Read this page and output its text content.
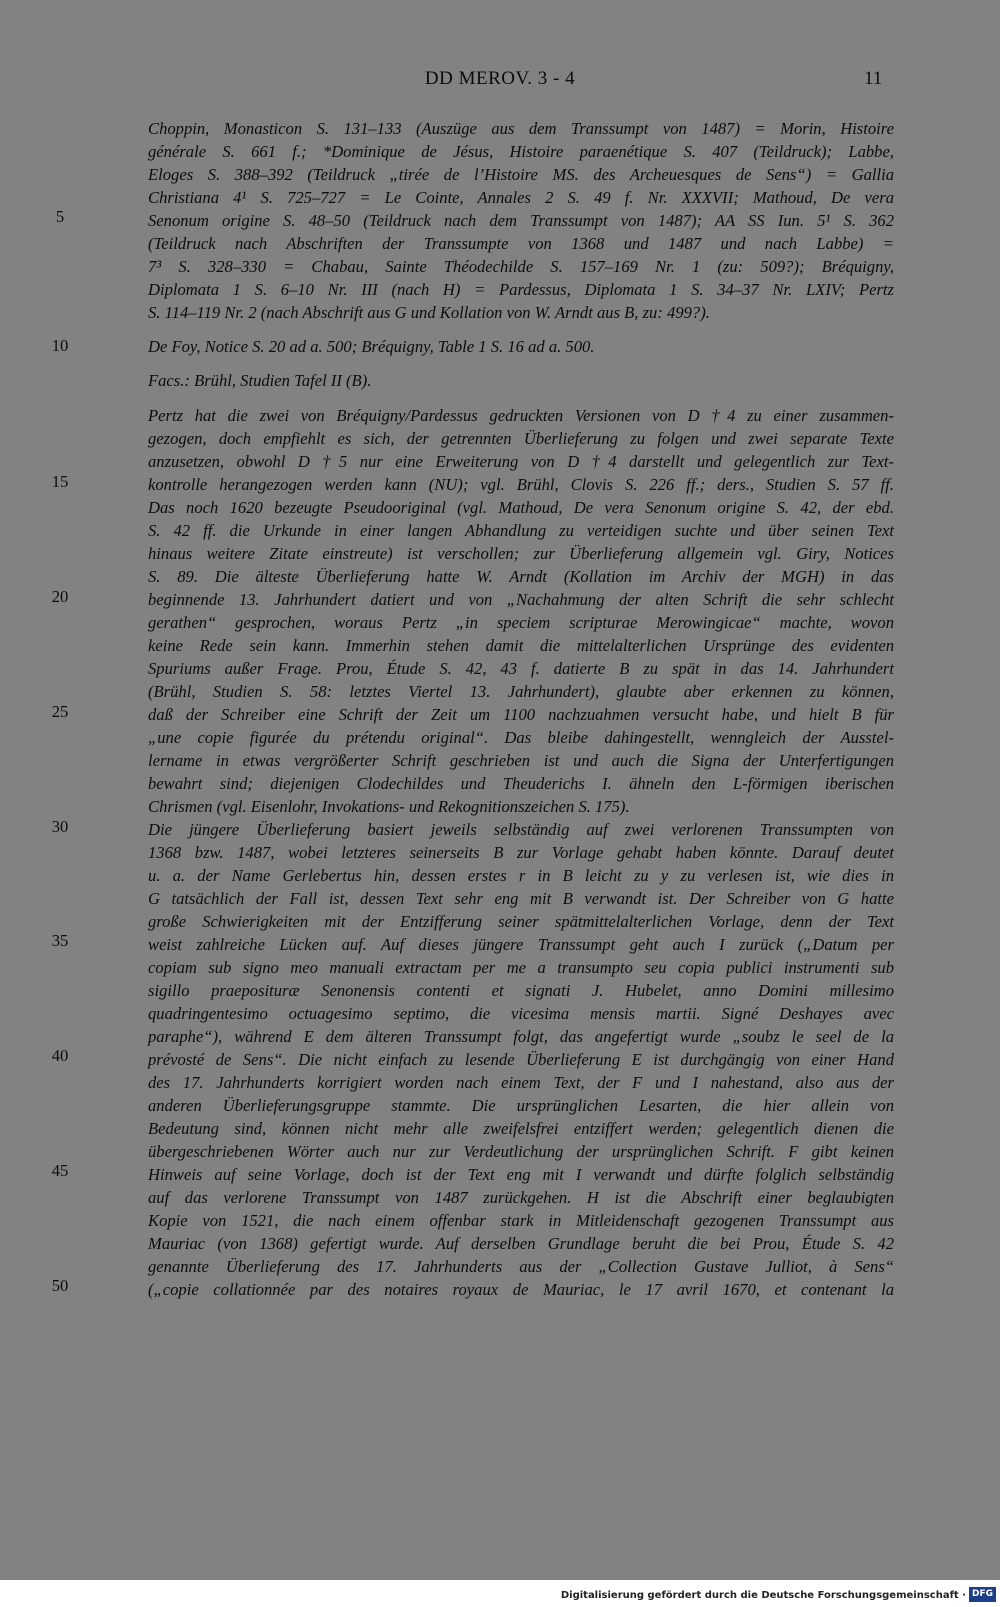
DD MEROV. 3 - 4	11
5
10
15
20
25
30
35
40
45
50
Choppin, Monasticon S. 131–133 (Auszüge aus dem Transsumpt von 1487) = Morin, Histoire
générale S. 661 f.; *Dominique de Jésus, Histoire paraenétique S. 407 (Teildruck); Labbe,
Eloges S. 388–392 (Teildruck „tirée de l’Histoire MS. des Archeuesques de Sens“) = Gallia
Christiana 4¹ S. 725–727 = Le Cointe, Annales 2 S. 49 f. Nr. XXXVII; Mathoud, De vera
Senonum origine S. 48–50 (Teildruck nach dem Transsumpt von 1487); AA SS Iun. 5¹ S. 362
(Teildruck nach Abschriften der Transsumpte von 1368 und 1487 und nach Labbe) =
7³ S. 328–330 = Chabau, Sainte Théodechilde S. 157–169 Nr. 1 (zu: 509?); Bréquigny,
Diplomata 1 S. 6–10 Nr. III (nach H) = Pardessus, Diplomata 1 S. 34–37 Nr. LXIV; Pertz
S. 114–119 Nr. 2 (nach Abschrift aus G und Kollation von W. Arndt aus B, zu: 499?).
De Foy, Notice S. 20 ad a. 500; Bréquigny, Table 1 S. 16 ad a. 500.
Facs.: Brühl, Studien Tafel II (B).
Pertz hat die zwei von Bréquigny/Pardessus gedruckten Versionen von D †4 zu einer zusammen-
gezogen, doch empfiehlt es sich, der getrennten Überlieferung zu folgen und zwei separate Texte
anzusetzen, obwohl D †5 nur eine Erweiterung von D †4 darstellt und gelegentlich zur Text-
kontrolle herangezogen werden kann (NU); vgl. Brühl, Clovis S. 226 ff.; ders., Studien S. 57 ff.
Das noch 1620 bezeugte Pseudooriginal (vgl. Mathoud, De vera Senonum origine S. 42, der ebd.
S. 42 ff. die Urkunde in einer langen Abhandlung zu verteidigen suchte und über seinen Text
hinaus weitere Zitate einstreute) ist verschollen; zur Überlieferung allgemein vgl. Giry, Notices
S. 89. Die älteste Überlieferung hatte W. Arndt (Kollation im Archiv der MGH) in das
beginnende 13. Jahrhundert datiert und von „Nachahmung der alten Schrift die sehr schlecht
gerathen“ gesprochen, woraus Pertz „in speciem scripturae Merowingicae“ machte, wovon
keine Rede sein kann. Immerhin stehen damit die mittelalterlichen Ursprünge des evidenten
Spuriums außer Frage. Prou, Étude S. 42, 43 f. datierte B zu spät in das 14. Jahrhundert
(Brühl, Studien S. 58: letztes Viertel 13. Jahrhundert), glaubte aber erkennen zu können,
daß der Schreiber eine Schrift der Zeit um 1100 nachzuahmen versucht habe, und hielt B für
„une copie figurée du prétendu original“. Das bleibe dahingestellt, wenngleich der Ausstel-
lername in etwas vergrößerter Schrift geschrieben ist und auch die Signa der Unterfertigungen
bewahrt sind; diejenigen Clodechildes und Theuderichs I. ähneln den L-förmigen iberischen
Chrismen (vgl. Eisenlohr, Invokations- und Rekognitionszeichen S. 175).
Die jüngere Überlieferung basiert jeweils selbständig auf zwei verlorenen Transsumpten von
1368 bzw. 1487, wobei letzteres seinerseits B zur Vorlage gehabt haben könnte. Darauf deutet
u. a. der Name Gerlebertus hin, dessen erstes r in B leicht zu y zu verlesen ist, wie dies in
G tatsächlich der Fall ist, dessen Text sehr eng mit B verwandt ist. Der Schreiber von G hatte
große Schwierigkeiten mit der Entzifferung seiner spätmittelalterlichen Vorlage, denn der Text
weist zahlreiche Lücken auf. Auf dieses jüngere Transsumpt geht auch I zurück („Datum per
copiam sub signo meo manuali extractam per me a transumpto seu copia publici instrumenti sub
sigillo praeposituræ Senonensis contenti et signati J. Hubelet, anno Domini millesimo
quadringentesimo octuagesimo septimo, die vicesima mensis martii. Signé Deshayes avec
paraphe“), während E dem älteren Transsumpt folgt, das angefertigt wurde „soubz le seel de la
prévosté de Sens“. Die nicht einfach zu lesende Überlieferung E ist durchgängig von einer Hand
des 17. Jahrhunderts korrigiert worden nach einem Text, der F und I nahestand, also aus der
anderen Überlieferungsgruppe stammte. Die ursprünglichen Lesarten, die hier allein von
Bedeutung sind, können nicht mehr alle zweifelsfrei entziffert werden; gelegentlich dienen die
übergeschriebenen Wörter auch nur zur Verdeutlichung der ursprünglichen Schrift. F gibt keinen
Hinweis auf seine Vorlage, doch ist der Text eng mit I verwandt und dürfte folglich selbständig
auf das verlorene Transsumpt von 1487 zurückgehen. H ist die Abschrift einer beglaubigten
Kopie von 1521, die nach einem offenbar stark in Mitleidenschaft gezogenen Transsumpt aus
Mauriac (von 1368) gefertigt wurde. Auf derselben Grundlage beruht die bei Prou, Étude S. 42
genannte Überlieferung des 17. Jahrhunderts aus der „Collection Gustave Julliot, à Sens“
(„copie collationnée par des notaires royaux de Mauriac, le 17 avril 1670, et contenant la
Digitalisierung gefördert durch die Deutsche Forschungsgemeinschaft · DFG
